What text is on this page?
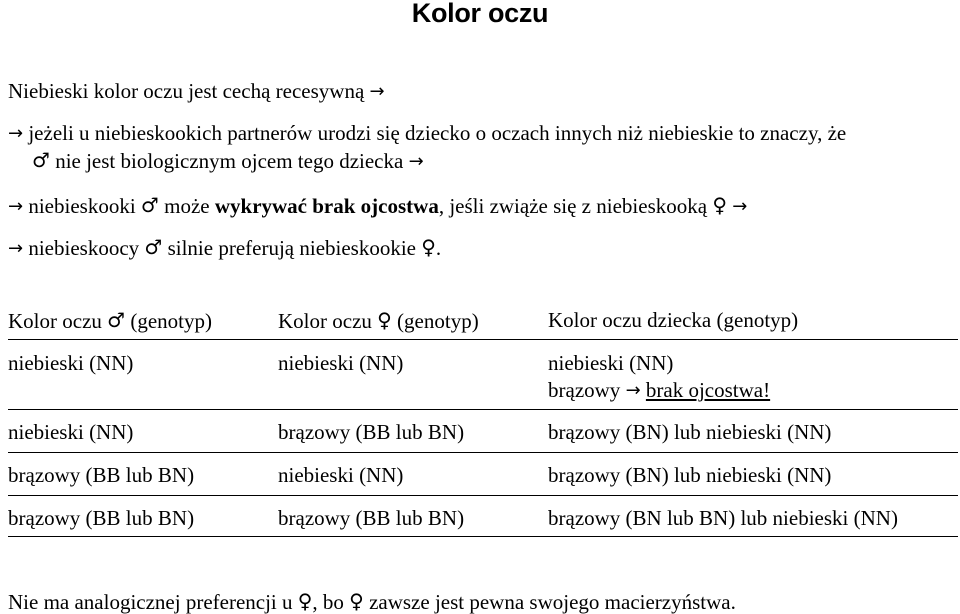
Kolor oczu
Niebieski kolor oczu jest cechą recesywną →
→ jeżeli u niebieskookich partnerów urodzi się dziecko o oczach innych niż niebieskie to znaczy, że
♂ nie jest biologicznym ojcem tego dziecka →
→ niebieskooki ♂ może wykrywać brak ojcostwa, jeśli zwiąże się z niebieskooką ♀ →
→ niebieskoocy ♂ silnie preferują niebieskookie ♀.
Kolor oczu ♂ (genotyp)	Kolor oczu ♀ (genotyp)	Kolor oczu dziecka (genotyp)
niebieski (NN)	niebieski (NN)	niebieski (NN)
brązowy → brak ojcostwa!
niebieski (NN)	brązowy (BB lub BN)	brązowy (BN) lub niebieski (NN)
brązowy (BB lub BN)	niebieski (NN)	brązowy (BN) lub niebieski (NN)
brązowy (BB lub BN)	brązowy (BB lub BN)	brązowy (BN lub BN) lub niebieski (NN)
Nie ma analogicznej preferencji u ♀, bo ♀ zawsze jest pewna swojego macierzyństwa.
